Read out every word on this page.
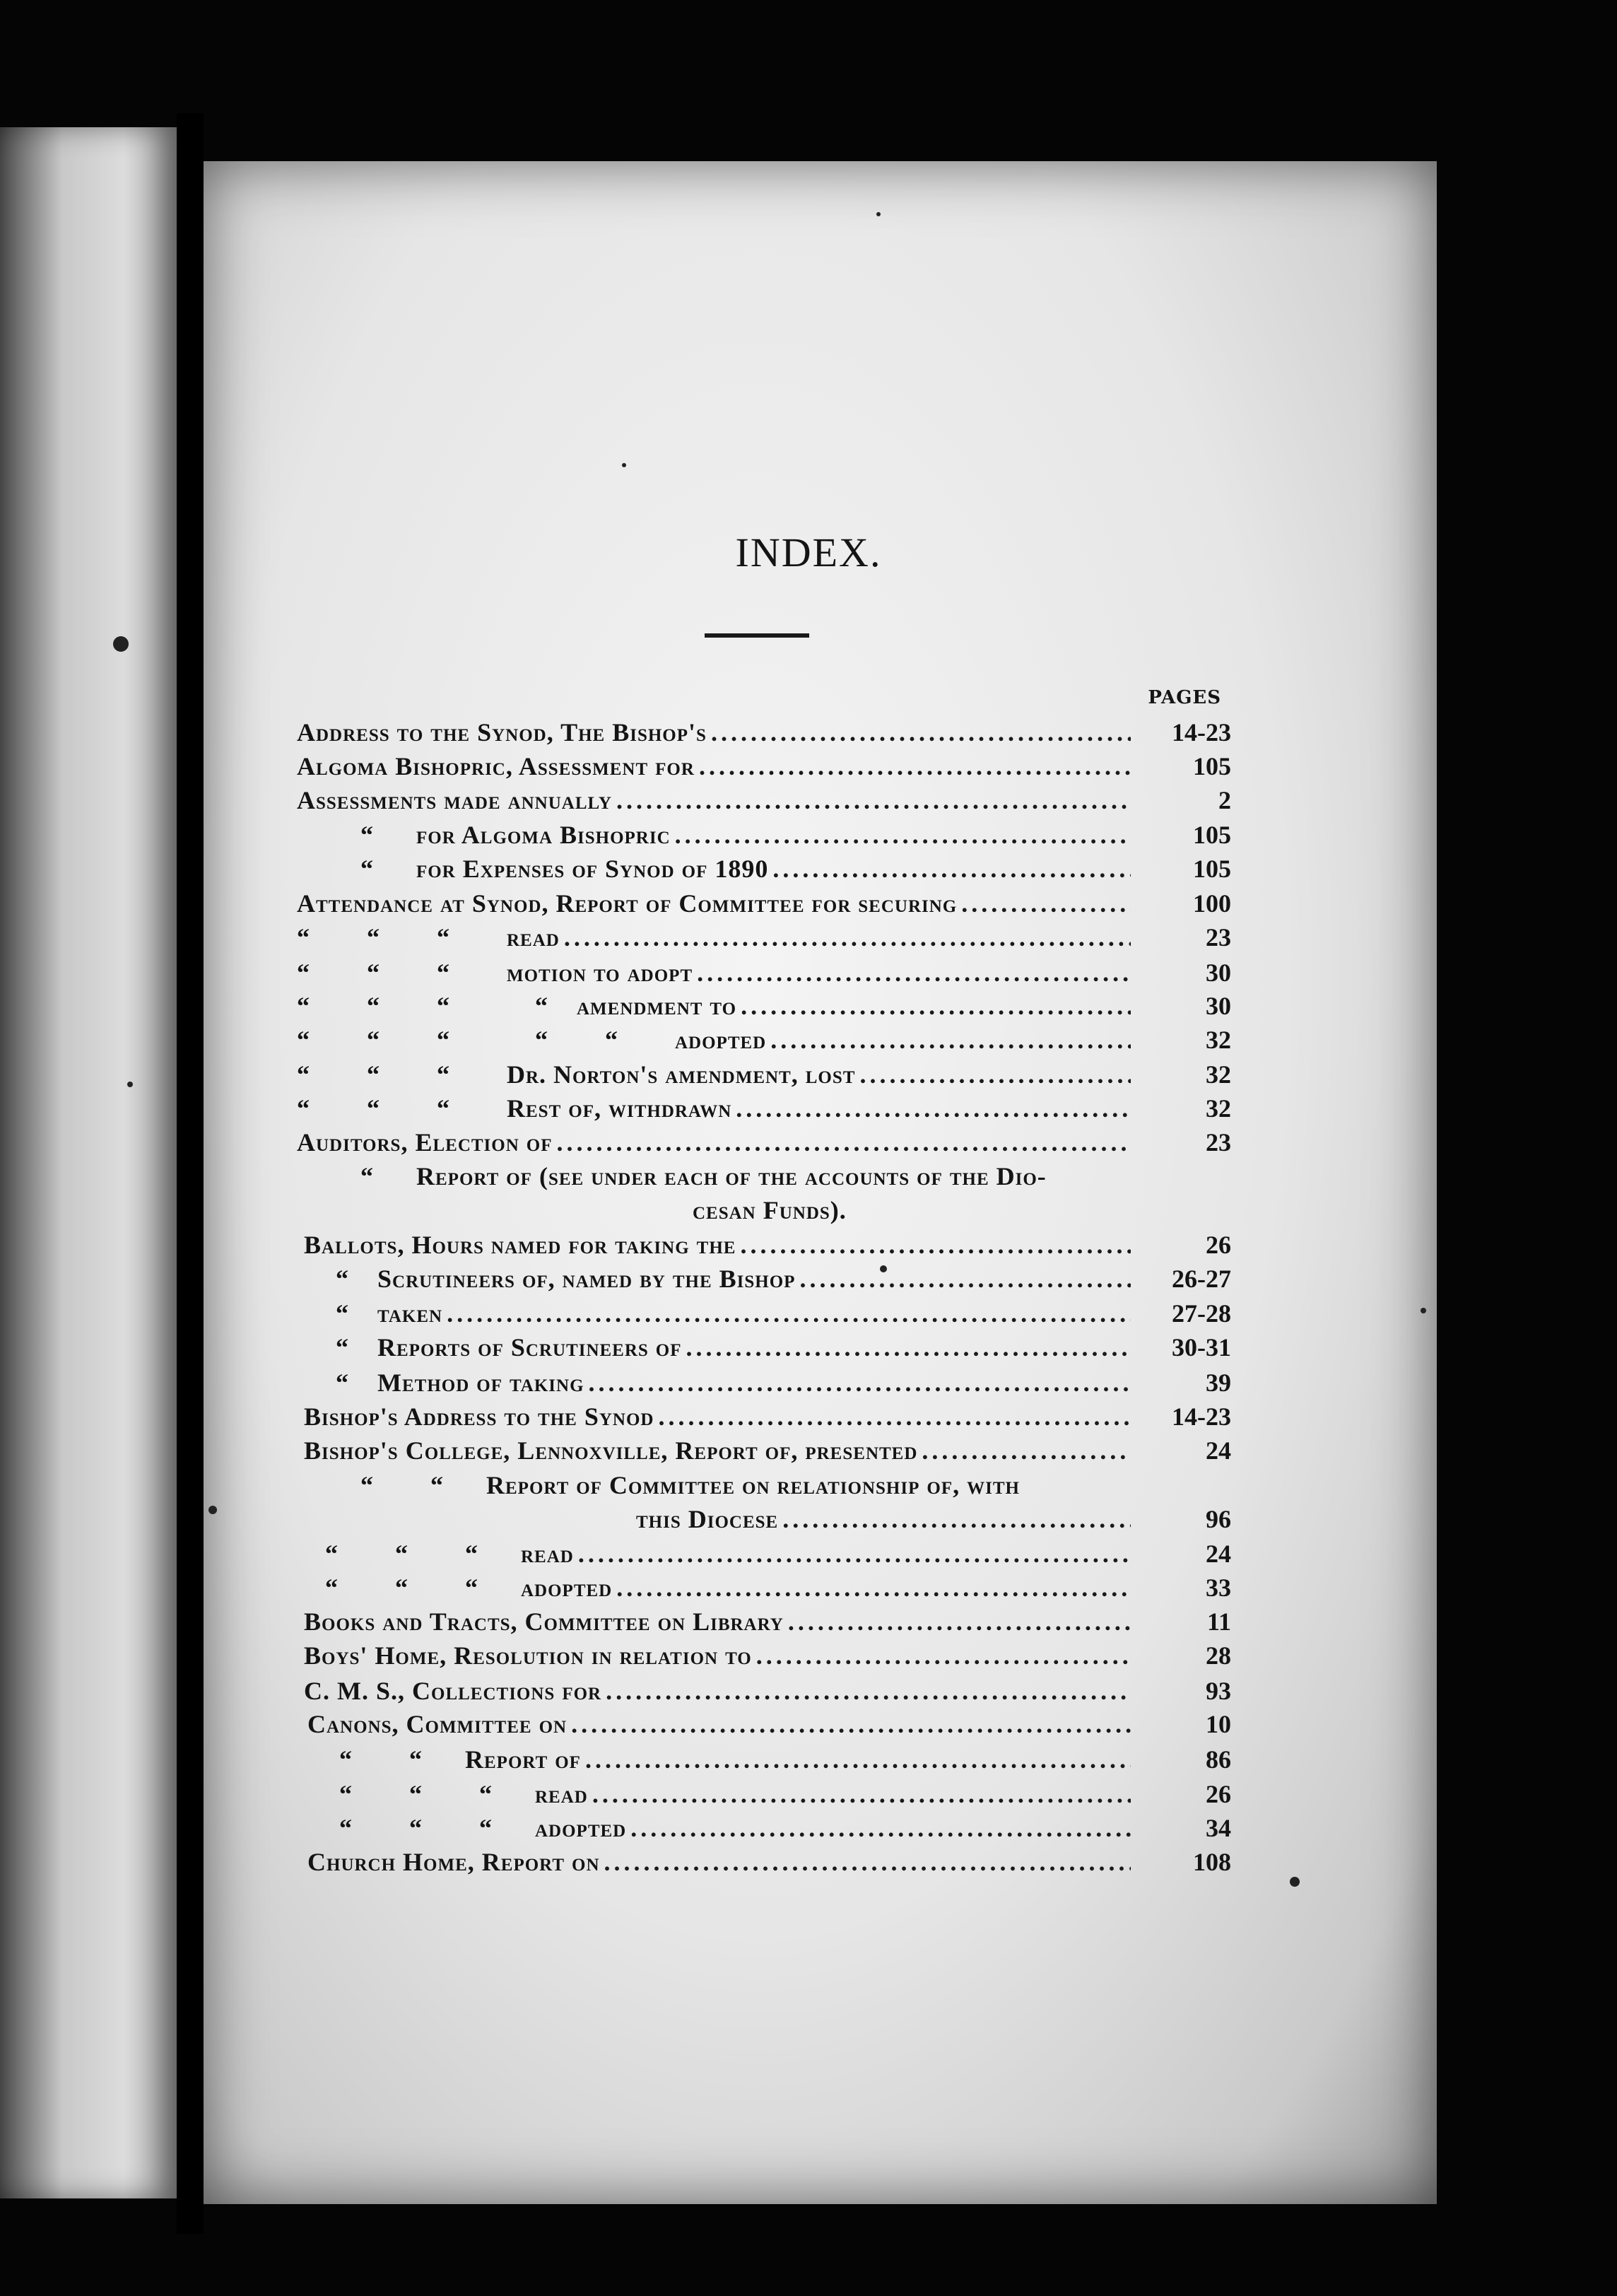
INDEX.
PAGES
Address to the Synod, The Bishop's . . .	14-23
Algoma Bishopric, Assessment for . . .	105
Assessments made annually . . .	2
“      for Algoma Bishopric . . .	105
“      for Expenses of Synod of 1890 . . .	105
Attendance at Synod, Report of Committee for securing . . .	100
“        “        “        read . . .	23
“        “        “        motion to adopt . . .	30
“        “        “            “    amendment to . . .	30
“        “        “            “        “        adopted . . .	32
“        “        “        Dr. Norton's amendment, lost . . .	32
“        “        “        Rest of, withdrawn . . .	32
Auditors, Election of . . .	23
“      Report of (see under each of the accounts of the Dio-
cesan Funds).
Ballots, Hours named for taking the . . .	26
“    Scrutineers of, named by the Bishop . . .	26-27
“    taken . . .	27-28
“    Reports of Scrutineers of . . .	30-31
“    Method of taking . . .	39
Bishop's Address to the Synod . . .	14-23
Bishop's College, Lennoxville, Report of, presented . . .	24
“        “      Report of Committee on relationship of, with
this Diocese . . .	96
“        “        “      read . . .	24
“        “        “      adopted . . .	33
Books and Tracts, Committee on Library . . .	11
Boys' Home, Resolution in relation to . . .	28
C. M. S., Collections for . . .	93
Canons, Committee on . . .	10
“        “      Report of . . .	86
“        “        “      read . . .	26
“        “        “      adopted . . .	34
Church Home, Report on . . .	108
